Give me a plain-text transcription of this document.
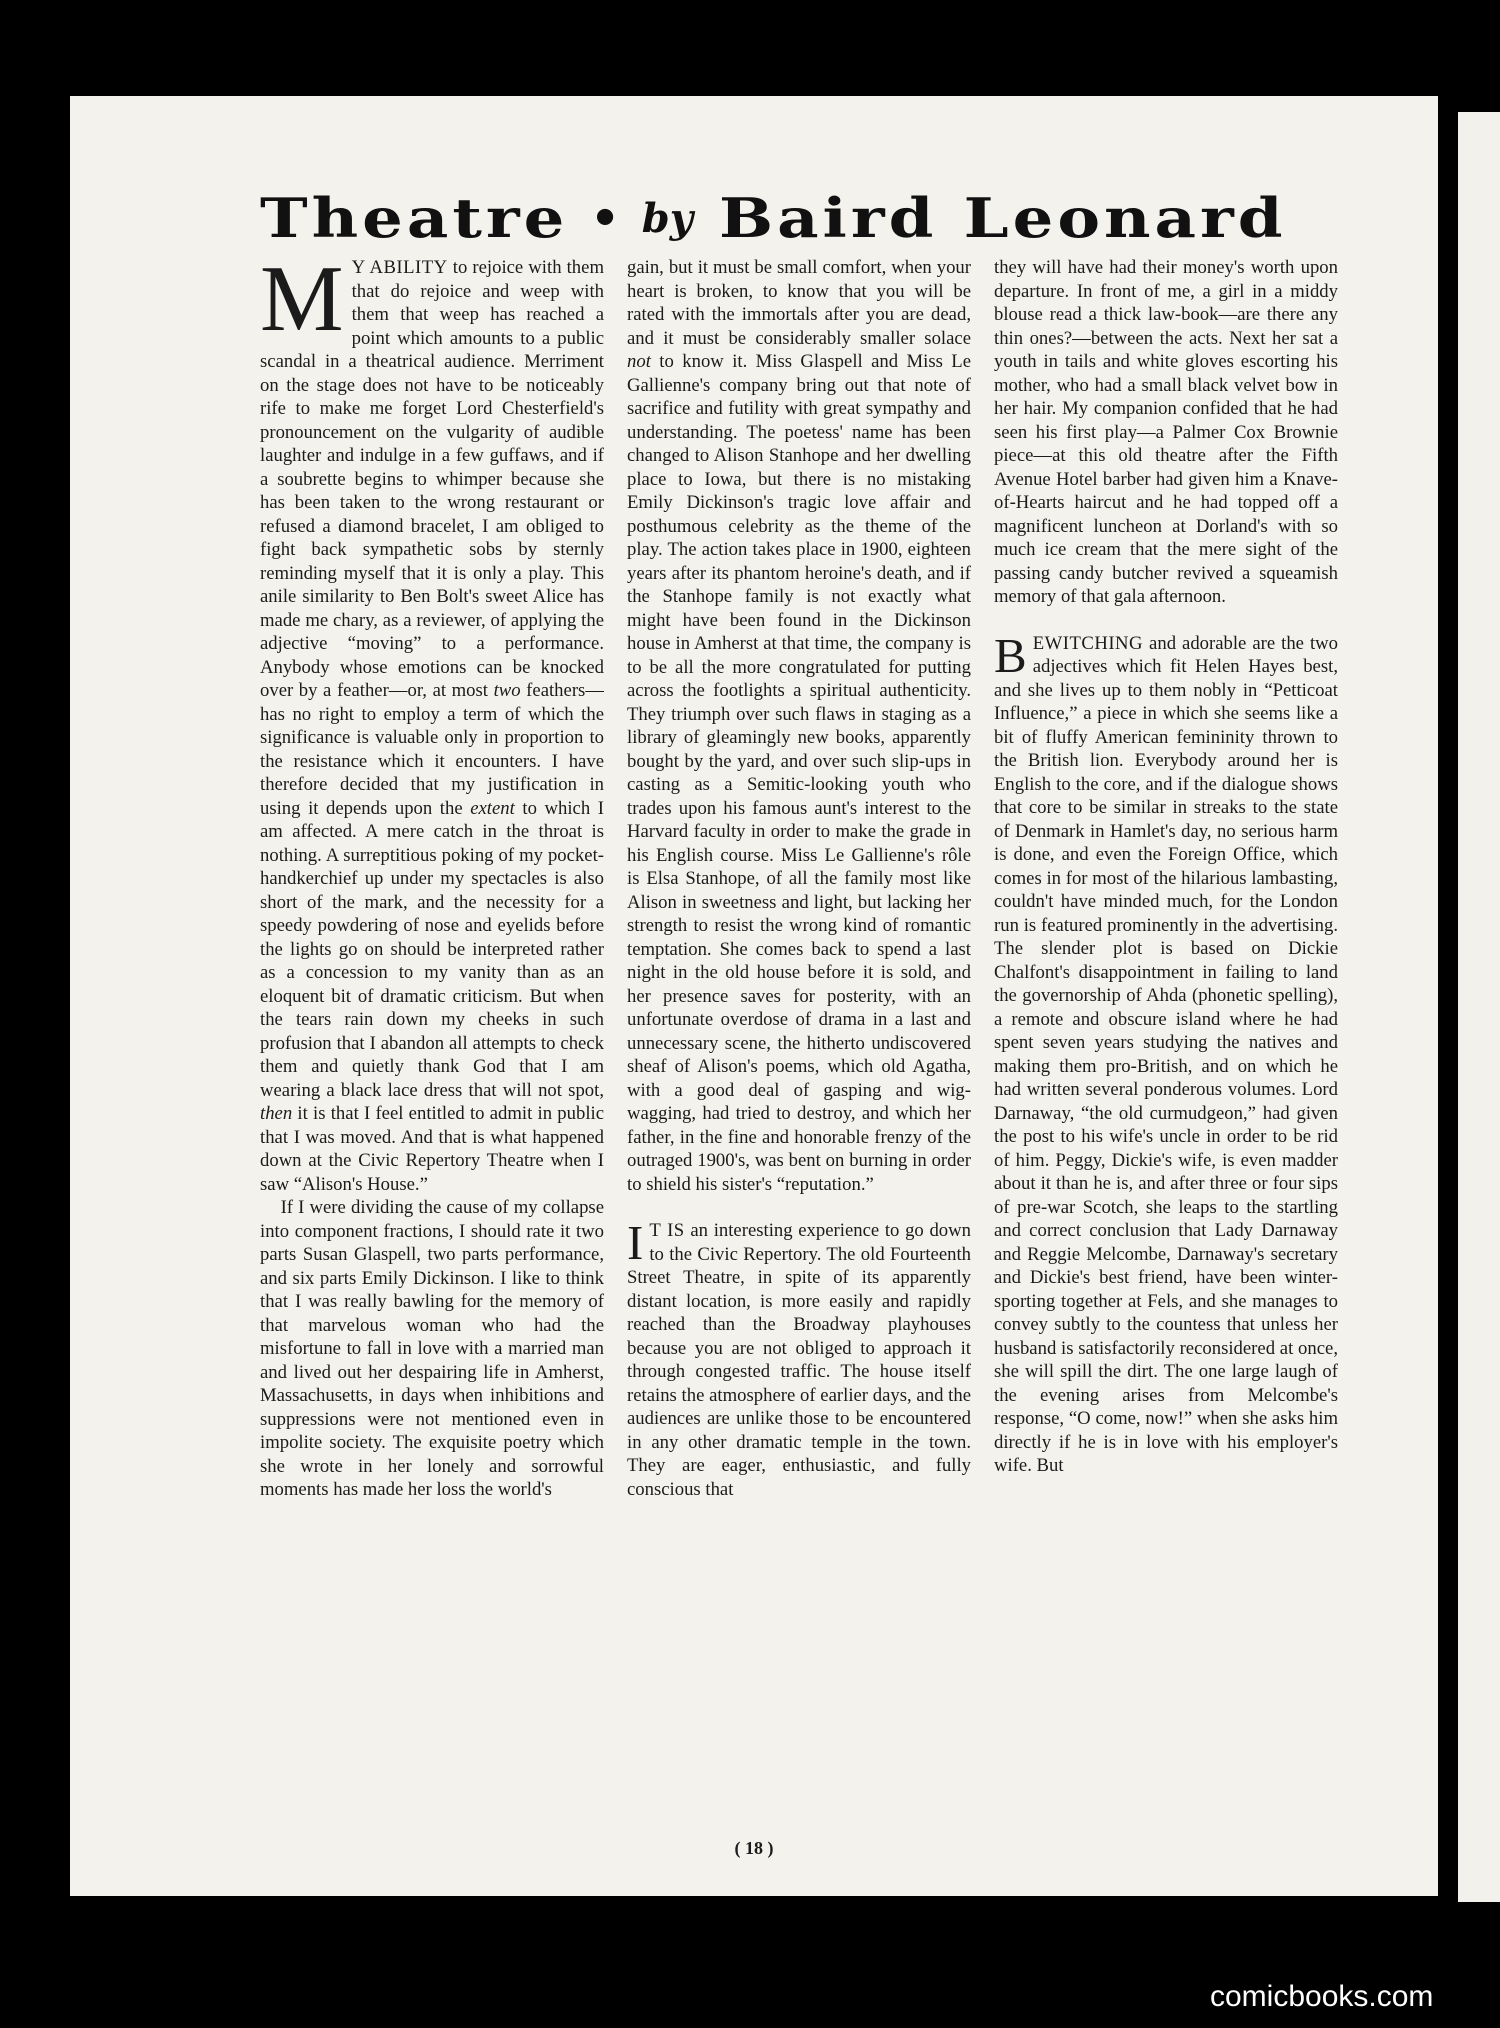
Theatre • by Baird Leonard

M Y ABILITY to rejoice with them that do rejoice and weep with them that weep has reached a point which amounts to a public scandal in a theatrical audience. Merriment on the stage does not have to be noticeably rife to make me forget Lord Chesterfield's pronouncement on the vulgarity of audible laughter and indulge in a few guffaws, and if a soubrette begins to whimper because she has been taken to the wrong restaurant or refused a diamond bracelet, I am obliged to fight back sympathetic sobs by sternly reminding myself that it is only a play. This anile similarity to Ben Bolt's sweet Alice has made me chary, as a reviewer, of applying the adjective “moving” to a performance. Anybody whose emotions can be knocked over by a feather—or, at most two feathers—has no right to employ a term of which the significance is valuable only in proportion to the resistance which it encounters. I have therefore decided that my justification in using it depends upon the extent to which I am affected. A mere catch in the throat is nothing. A surreptitious poking of my pocket-handkerchief up under my spectacles is also short of the mark, and the necessity for a speedy powdering of nose and eyelids before the lights go on should be interpreted rather as a concession to my vanity than as an eloquent bit of dramatic criticism. But when the tears rain down my cheeks in such profusion that I abandon all attempts to check them and quietly thank God that I am wearing a black lace dress that will not spot, then it is that I feel entitled to admit in public that I was moved. And that is what happened down at the Civic Repertory Theatre when I saw “Alison's House.”

If I were dividing the cause of my collapse into component fractions, I should rate it two parts Susan Glaspell, two parts performance, and six parts Emily Dickinson. I like to think that I was really bawling for the memory of that marvelous woman who had the misfortune to fall in love with a married man and lived out her despairing life in Amherst, Massachusetts, in days when inhibitions and suppressions were not mentioned even in impolite society. The exquisite poetry which she wrote in her lonely and sorrowful moments has made her loss the world's

gain, but it must be small comfort, when your heart is broken, to know that you will be rated with the immortals after you are dead, and it must be considerably smaller solace not to know it. Miss Glaspell and Miss Le Gallienne's company bring out that note of sacrifice and futility with great sympathy and understanding. The poetess' name has been changed to Alison Stanhope and her dwelling place to Iowa, but there is no mistaking Emily Dickinson's tragic love affair and posthumous celebrity as the theme of the play. The action takes place in 1900, eighteen years after its phantom heroine's death, and if the Stanhope family is not exactly what might have been found in the Dickinson house in Amherst at that time, the company is to be all the more congratulated for putting across the footlights a spiritual authenticity. They triumph over such flaws in staging as a library of gleamingly new books, apparently bought by the yard, and over such slip-ups in casting as a Semitic-looking youth who trades upon his famous aunt's interest to the Harvard faculty in order to make the grade in his English course. Miss Le Gallienne's rôle is Elsa Stanhope, of all the family most like Alison in sweetness and light, but lacking her strength to resist the wrong kind of romantic temptation. She comes back to spend a last night in the old house before it is sold, and her presence saves for posterity, with an unfortunate overdose of drama in a last and unnecessary scene, the hitherto undiscovered sheaf of Alison's poems, which old Agatha, with a good deal of gasping and wig-wagging, had tried to destroy, and which her father, in the fine and honorable frenzy of the outraged 1900's, was bent on burning in order to shield his sister's “reputation.”

I T IS an interesting experience to go down to the Civic Repertory. The old Fourteenth Street Theatre, in spite of its apparently distant location, is more easily and rapidly reached than the Broadway playhouses because you are not obliged to approach it through congested traffic. The house itself retains the atmosphere of earlier days, and the audiences are unlike those to be encountered in any other dramatic temple in the town. They are eager, enthusiastic, and fully conscious that

they will have had their money's worth upon departure. In front of me, a girl in a middy blouse read a thick law-book—are there any thin ones?—between the acts. Next her sat a youth in tails and white gloves escorting his mother, who had a small black velvet bow in her hair. My companion confided that he had seen his first play—a Palmer Cox Brownie piece—at this old theatre after the Fifth Avenue Hotel barber had given him a Knave-of-Hearts haircut and he had topped off a magnificent luncheon at Dorland's with so much ice cream that the mere sight of the passing candy butcher revived a squeamish memory of that gala afternoon.

BEWITCHING and adorable are the two adjectives which fit Helen Hayes best, and she lives up to them nobly in “Petticoat Influence,” a piece in which she seems like a bit of fluffy American femininity thrown to the British lion. Everybody around her is English to the core, and if the dialogue shows that core to be similar in streaks to the state of Denmark in Hamlet's day, no serious harm is done, and even the Foreign Office, which comes in for most of the hilarious lambasting, couldn't have minded much, for the London run is featured prominently in the advertising. The slender plot is based on Dickie Chalfont's disappointment in failing to land the governorship of Ahda (phonetic spelling), a remote and obscure island where he had spent seven years studying the natives and making them pro-British, and on which he had written several ponderous volumes. Lord Darnaway, “the old curmudgeon,” had given the post to his wife's uncle in order to be rid of him. Peggy, Dickie's wife, is even madder about it than he is, and after three or four sips of pre-war Scotch, she leaps to the startling and correct conclusion that Lady Darnaway and Reggie Melcombe, Darnaway's secretary and Dickie's best friend, have been winter-sporting together at Fels, and she manages to convey subtly to the countess that unless her husband is satisfactorily reconsidered at once, she will spill the dirt. The one large laugh of the evening arises from Melcombe's response, “O come, now!” when she asks him directly if he is in love with his employer's wife. But

( 18 )
comicbooks.com
